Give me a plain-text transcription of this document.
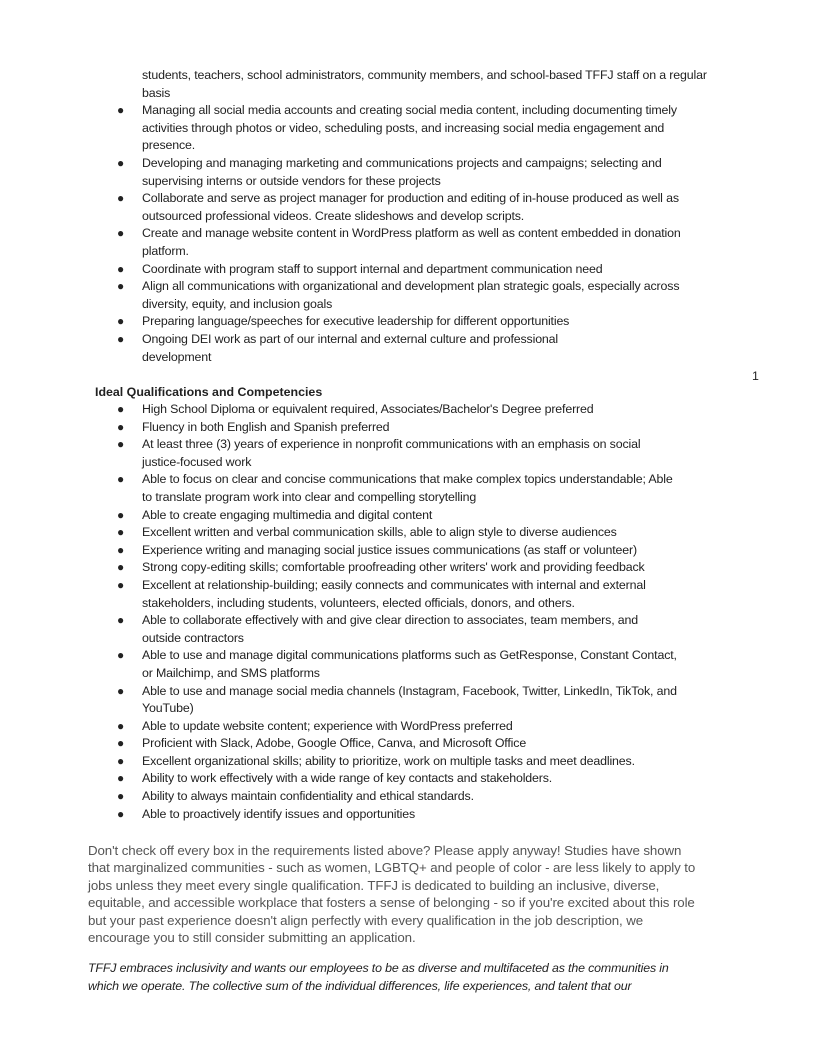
students, teachers, school administrators, community members, and school-based TFFJ staff on a regular
basis
● Managing all social media accounts and creating social media content, including documenting timely
activities through photos or video, scheduling posts, and increasing social media engagement and
presence.
● Developing and managing marketing and communications projects and campaigns; selecting and
supervising interns or outside vendors for these projects
● Collaborate and serve as project manager for production and editing of in-house produced as well as
outsourced professional videos. Create slideshows and develop scripts.
● Create and manage website content in WordPress platform as well as content embedded in donation
platform.
● Coordinate with program staff to support internal and department communication need
● Align all communications with organizational and development plan strategic goals, especially across
diversity, equity, and inclusion goals
● Preparing language/speeches for executive leadership for different opportunities
● Ongoing DEI work as part of our internal and external culture and professional
development
1
Ideal Qualifications and Competencies
● High School Diploma or equivalent required, Associates/Bachelor's Degree preferred
● Fluency in both English and Spanish preferred
● At least three (3) years of experience in nonprofit communications with an emphasis on social
justice-focused work
● Able to focus on clear and concise communications that make complex topics understandable; Able
to translate program work into clear and compelling storytelling
● Able to create engaging multimedia and digital content
● Excellent written and verbal communication skills, able to align style to diverse audiences
● Experience writing and managing social justice issues communications (as staff or volunteer)
● Strong copy-editing skills; comfortable proofreading other writers' work and providing feedback
● Excellent at relationship-building; easily connects and communicates with internal and external
stakeholders, including students, volunteers, elected officials, donors, and others.
● Able to collaborate effectively with and give clear direction to associates, team members, and
outside contractors
● Able to use and manage digital communications platforms such as GetResponse, Constant Contact,
or Mailchimp, and SMS platforms
● Able to use and manage social media channels (Instagram, Facebook, Twitter, LinkedIn, TikTok, and
YouTube)
● Able to update website content; experience with WordPress preferred
● Proficient with Slack, Adobe, Google Office, Canva, and Microsoft Office
● Excellent organizational skills; ability to prioritize, work on multiple tasks and meet deadlines.
● Ability to work effectively with a wide range of key contacts and stakeholders.
● Ability to always maintain confidentiality and ethical standards.
● Able to proactively identify issues and opportunities
Don't check off every box in the requirements listed above? Please apply anyway! Studies have shown
that marginalized communities - such as women, LGBTQ+ and people of color - are less likely to apply to
jobs unless they meet every single qualification. TFFJ is dedicated to building an inclusive, diverse,
equitable, and accessible workplace that fosters a sense of belonging - so if you're excited about this role
but your past experience doesn't align perfectly with every qualification in the job description, we
encourage you to still consider submitting an application.
TFFJ embraces inclusivity and wants our employees to be as diverse and multifaceted as the communities in
which we operate. The collective sum of the individual differences, life experiences, and talent that our
